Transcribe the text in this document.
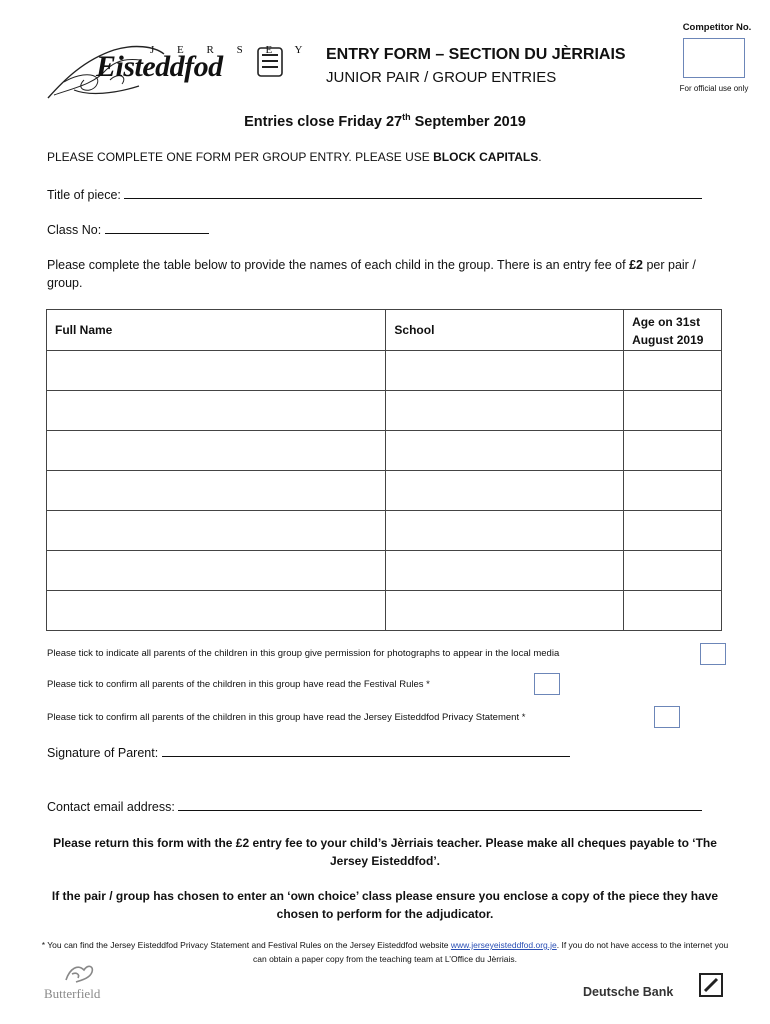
J E R S E Y
Eisteddfod	ENTRY FORM – SECTION DU JÈRRIAIS
JUNIOR PAIR / GROUP ENTRIES
Competitor No.
For official use only
Entries close Friday 27th September 2019
PLEASE COMPLETE ONE FORM PER GROUP ENTRY. PLEASE USE BLOCK CAPITALS.
Title of piece:
Class No:
Please complete the table below to provide the names of each child in the group. There is an entry fee of £2 per pair / group.
Full Name	School	Age on 31st August 2019

Please tick to indicate all parents of the children in this group give permission for photographs to appear in the local media
Please tick to confirm all parents of the children in this group have read the Festival Rules *
Please tick to confirm all parents of the children in this group have read the Jersey Eisteddfod Privacy Statement *
Signature of Parent:
Contact email address:
Please return this form with the £2 entry fee to your child’s Jèrriais teacher. Please make all cheques payable to ‘The Jersey Eisteddfod’.
If the pair / group has chosen to enter an ‘own choice’ class please ensure you enclose a copy of the piece they have chosen to perform for the adjudicator.
* You can find the Jersey Eisteddfod Privacy Statement and Festival Rules on the Jersey Eisteddfod website www.jerseyeisteddfod.org.je. If you do not have access to the internet you can obtain a paper copy from the teaching team at L’Office du Jèrriais.
Butterfield	Deutsche Bank
